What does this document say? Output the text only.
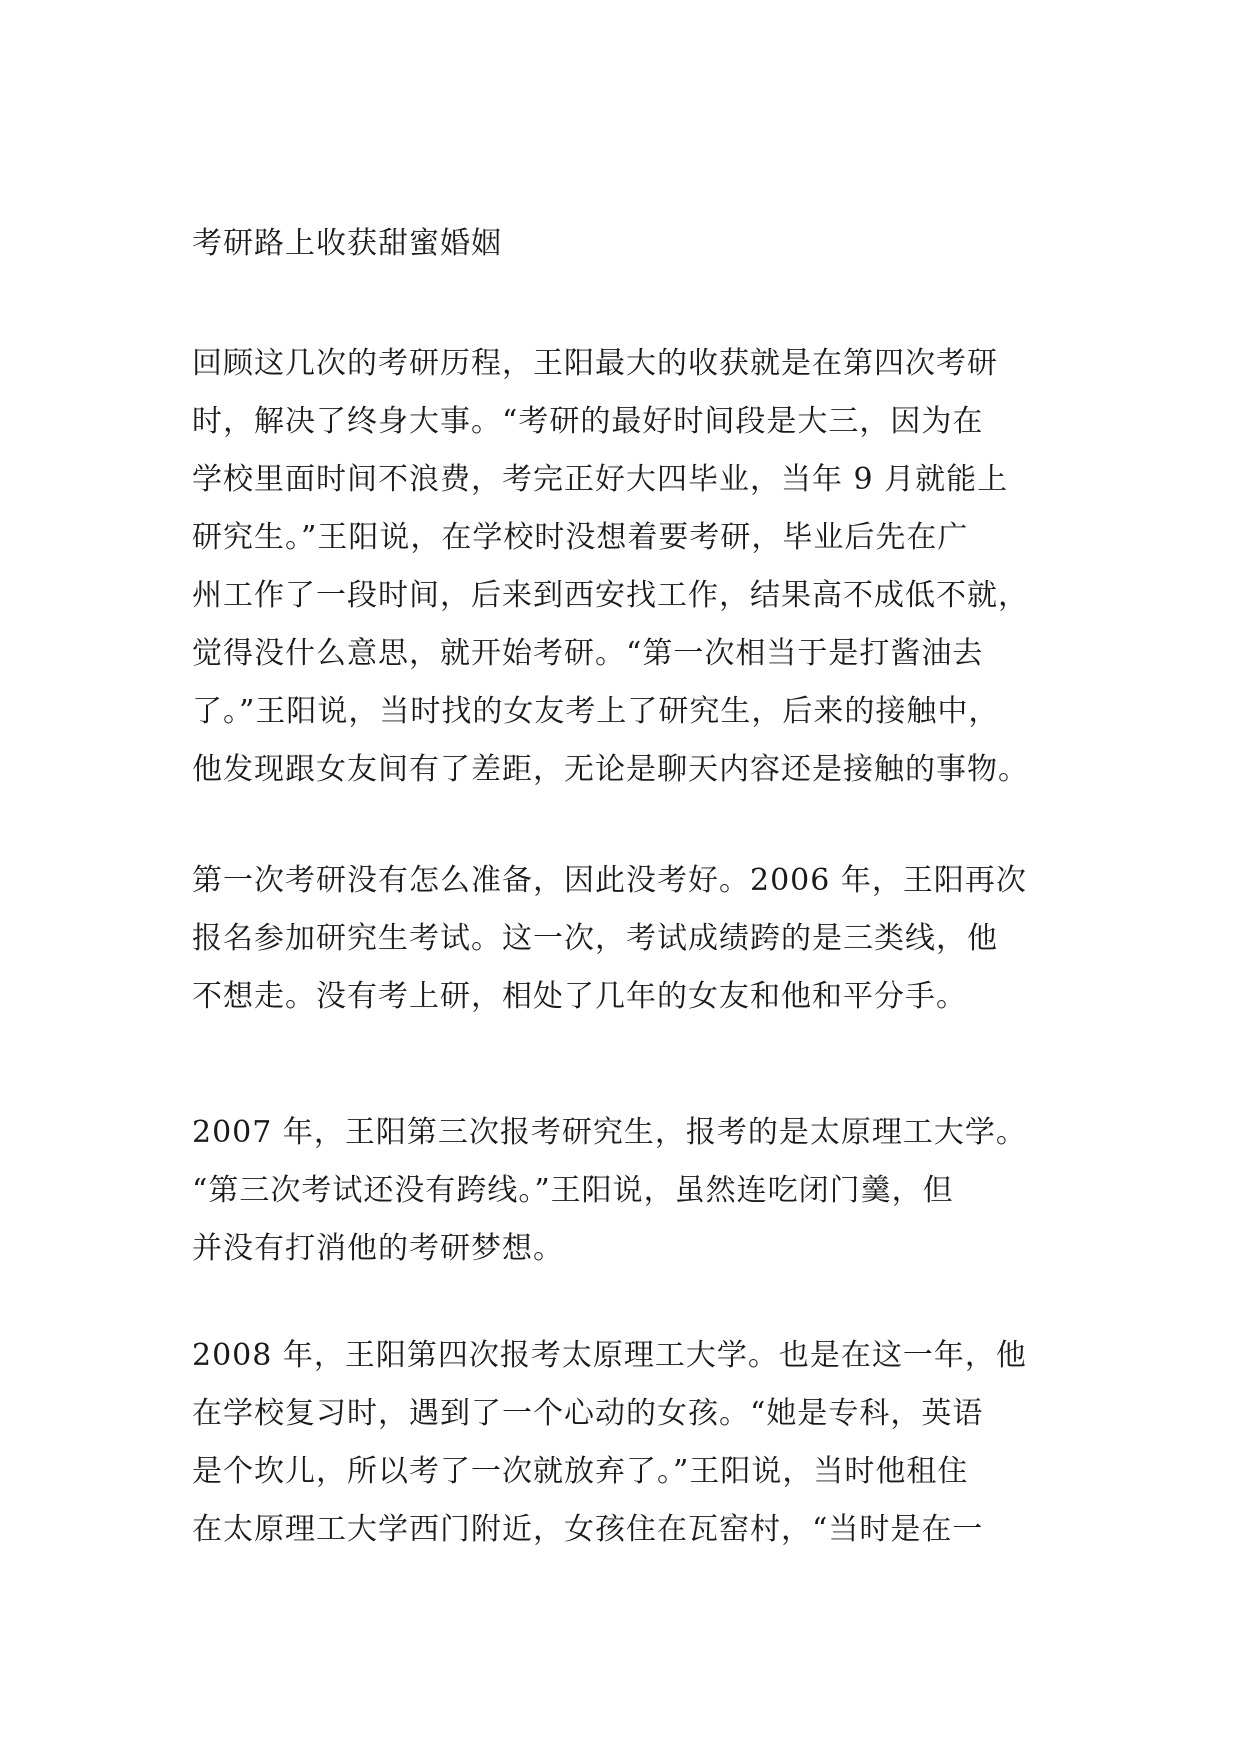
考研路上收获甜蜜婚姻
回顾这几次的考研历程，王阳最大的收获就是在第四次考研
时，解决了终身大事。“考研的最好时间段是大三，因为在
学校里面时间不浪费，考完正好大四毕业，当年 9 月就能上
研究生。”王阳说，在学校时没想着要考研，毕业后先在广
州工作了一段时间，后来到西安找工作，结果高不成低不就，
觉得没什么意思，就开始考研。“第一次相当于是打酱油去
了。”王阳说，当时找的女友考上了研究生，后来的接触中，
他发现跟女友间有了差距，无论是聊天内容还是接触的事物。
第一次考研没有怎么准备，因此没考好。2006 年，王阳再次
报名参加研究生考试。这一次，考试成绩跨的是三类线，他
不想走。没有考上研，相处了几年的女友和他和平分手。
2007 年，王阳第三次报考研究生，报考的是太原理工大学。
“第三次考试还没有跨线。”王阳说，虽然连吃闭门羹，但
并没有打消他的考研梦想。
2008 年，王阳第四次报考太原理工大学。也是在这一年，他
在学校复习时，遇到了一个心动的女孩。“她是专科，英语
是个坎儿，所以考了一次就放弃了。”王阳说，当时他租住
在太原理工大学西门附近，女孩住在瓦窑村，“当时是在一
